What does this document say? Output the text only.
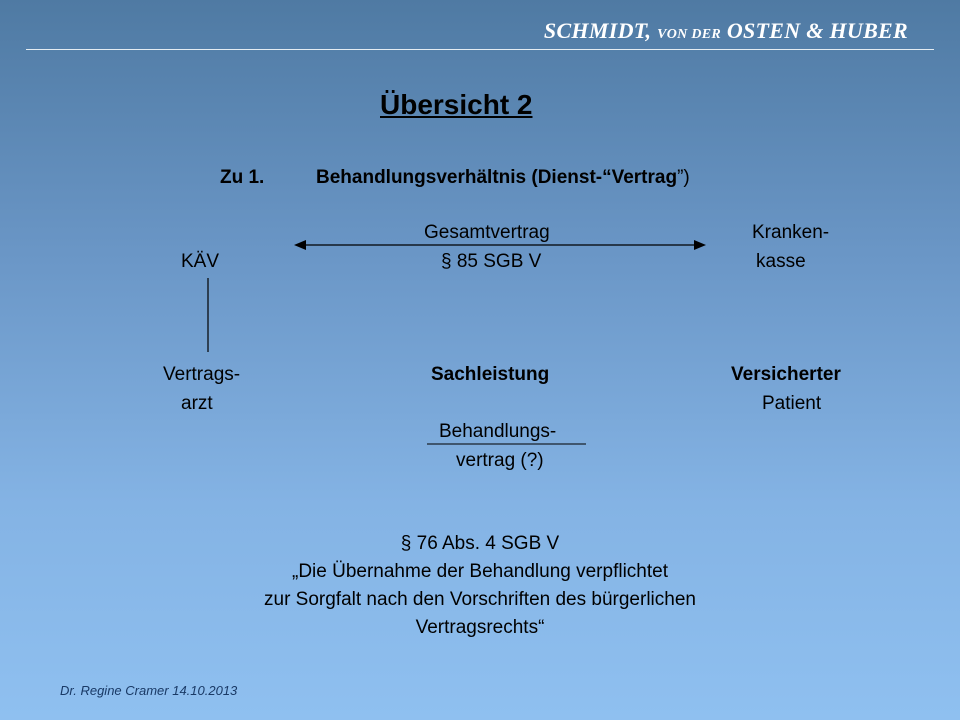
SCHMIDT, VON DER OSTEN & HUBER
Übersicht 2
Zu 1.	Behandlungsverhältnis (Dienst-“Vertrag”)
Gesamtvertrag	Kranken-
KÄV	§ 85 SGB V	kasse
Vertrags-	Sachleistung	Versicherter
arzt	Patient
Behandlungs-
vertrag (?)
§ 76 Abs. 4 SGB V
„Die Übernahme der Behandlung verpflichtet
zur Sorgfalt nach den Vorschriften des bürgerlichen
Vertragsrechts“
Dr. Regine Cramer 14.10.2013
